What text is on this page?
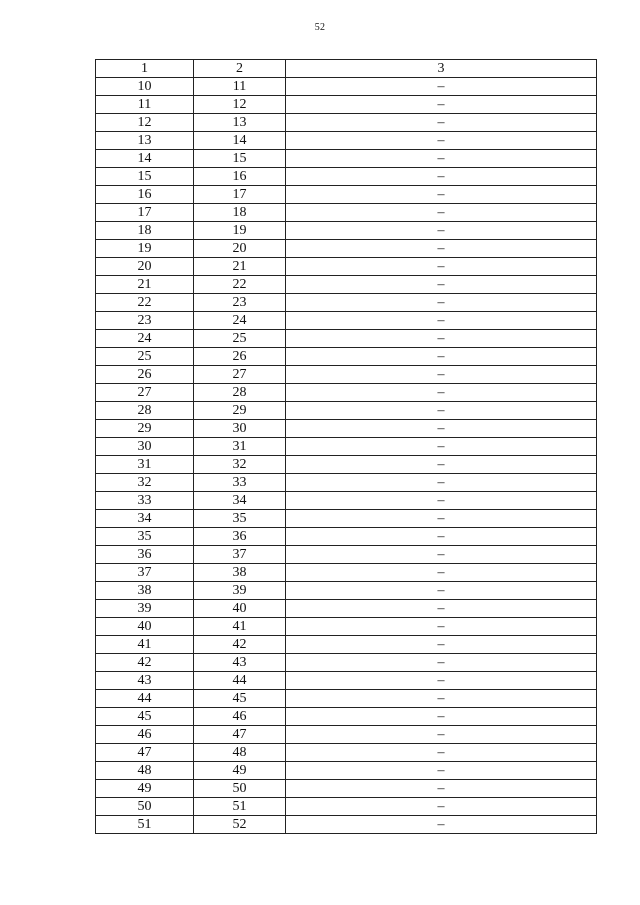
52
1	2	3
10	11	–
11	12	–
12	13	–
13	14	–
14	15	–
15	16	–
16	17	–
17	18	–
18	19	–
19	20	–
20	21	–
21	22	–
22	23	–
23	24	–
24	25	–
25	26	–
26	27	–
27	28	–
28	29	–
29	30	–
30	31	–
31	32	–
32	33	–
33	34	–
34	35	–
35	36	–
36	37	–
37	38	–
38	39	–
39	40	–
40	41	–
41	42	–
42	43	–
43	44	–
44	45	–
45	46	–
46	47	–
47	48	–
48	49	–
49	50	–
50	51	–
51	52	–
